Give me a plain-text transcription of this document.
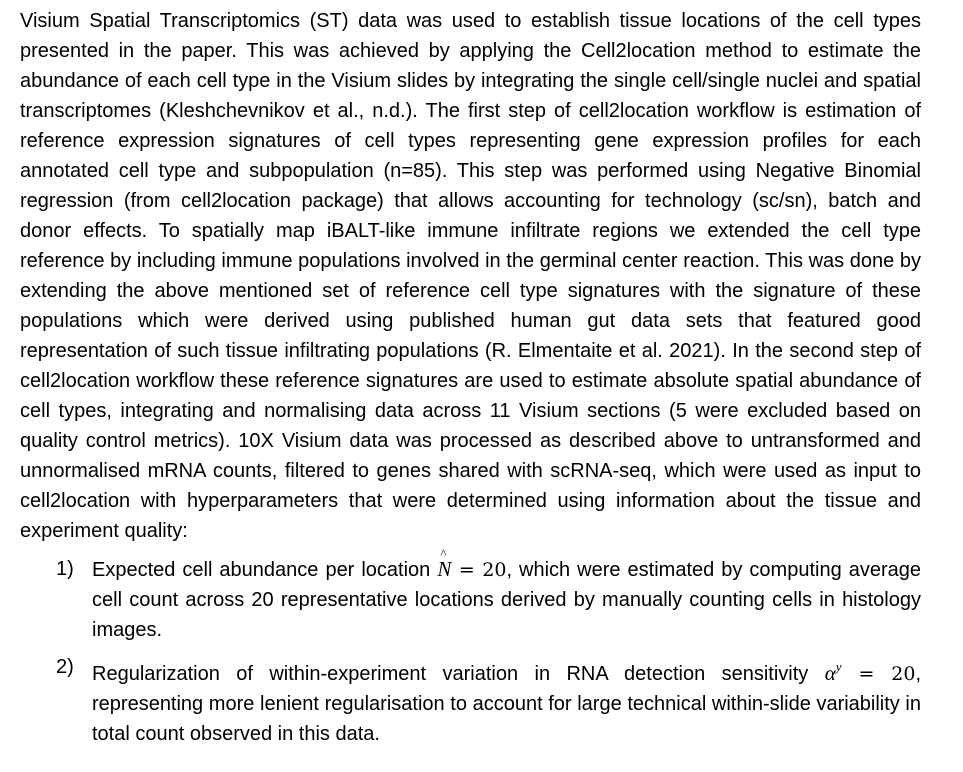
Visium Spatial Transcriptomics (ST) data was used to establish tissue locations of the cell types presented in the paper. This was achieved by applying the Cell2location method to estimate the abundance of each cell type in the Visium slides by integrating the single cell/single nuclei and spatial transcriptomes (Kleshchevnikov et al., n.d.). The first step of cell2location workflow is estimation of reference expression signatures of cell types representing gene expression profiles for each annotated cell type and subpopulation (n=85). This step was performed using Negative Binomial regression (from cell2location package) that allows accounting for technology (sc/sn), batch and donor effects. To spatially map iBALT-like immune infiltrate regions we extended the cell type reference by including immune populations involved in the germinal center reaction. This was done by extending the above mentioned set of reference cell type signatures with the signature of these populations which were derived using published human gut data sets that featured good representation of such tissue infiltrating populations (R. Elmentaite et al. 2021). In the second step of cell2location workflow these reference signatures are used to estimate absolute spatial abundance of cell types, integrating and normalising data across 11 Visium sections (5 were excluded based on quality control metrics). 10X Visium data was processed as described above to untransformed and unnormalised mRNA counts, filtered to genes shared with scRNA-seq, which were used as input to cell2location with hyperparameters that were determined using information about the tissue and experiment quality:

1) Expected cell abundance per location ^ N = 20, which were estimated by computing average cell count across 20 representative locations derived by manually counting cells in histology images.
2) Regularization of within-experiment variation in RNA detection sensitivity $\alpha^y = 20$, representing more lenient regularisation to account for large technical within-slide variability in total count observed in this data.
